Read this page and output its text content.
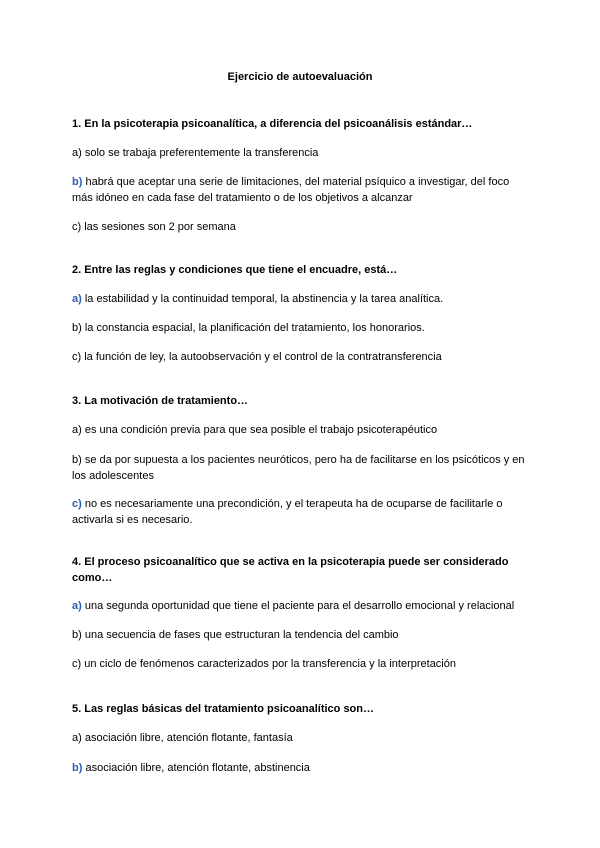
Ejercicio de autoevaluación
1. En la psicoterapia psicoanalítica, a diferencia del psicoanálisis estándar…
a) solo se trabaja preferentemente la transferencia
b) habrá que aceptar una serie de limitaciones, del material psíquico a investigar, del foco más idóneo en cada fase del tratamiento o de los objetivos a alcanzar
c) las sesiones son 2 por semana
2. Entre las reglas y condiciones que tiene el encuadre, está…
a) la estabilidad y la continuidad temporal, la abstinencia y la tarea analítica.
b) la constancia espacial, la planificación del tratamiento, los honorarios.
c) la función de ley, la autoobservación y el control de la contratransferencia
3. La motivación de tratamiento…
a) es una condición previa para que sea posible el trabajo psicoterapéutico
b) se da por supuesta a los pacientes neuróticos, pero ha de facilitarse en los psicóticos y en los adolescentes
c) no es necesariamente una precondición, y el terapeuta ha de ocuparse de facilitarle o activarla si es necesario.
4. El proceso psicoanalítico que se activa en la psicoterapia puede ser considerado como…
a) una segunda oportunidad que tiene el paciente para el desarrollo emocional y relacional
b) una secuencia de fases que estructuran la tendencia del cambio
c) un ciclo de fenómenos caracterizados por la transferencia y la interpretación
5. Las reglas básicas del tratamiento psicoanalítico son…
a) asociación libre, atención flotante, fantasía
b) asociación libre, atención flotante, abstinencia
